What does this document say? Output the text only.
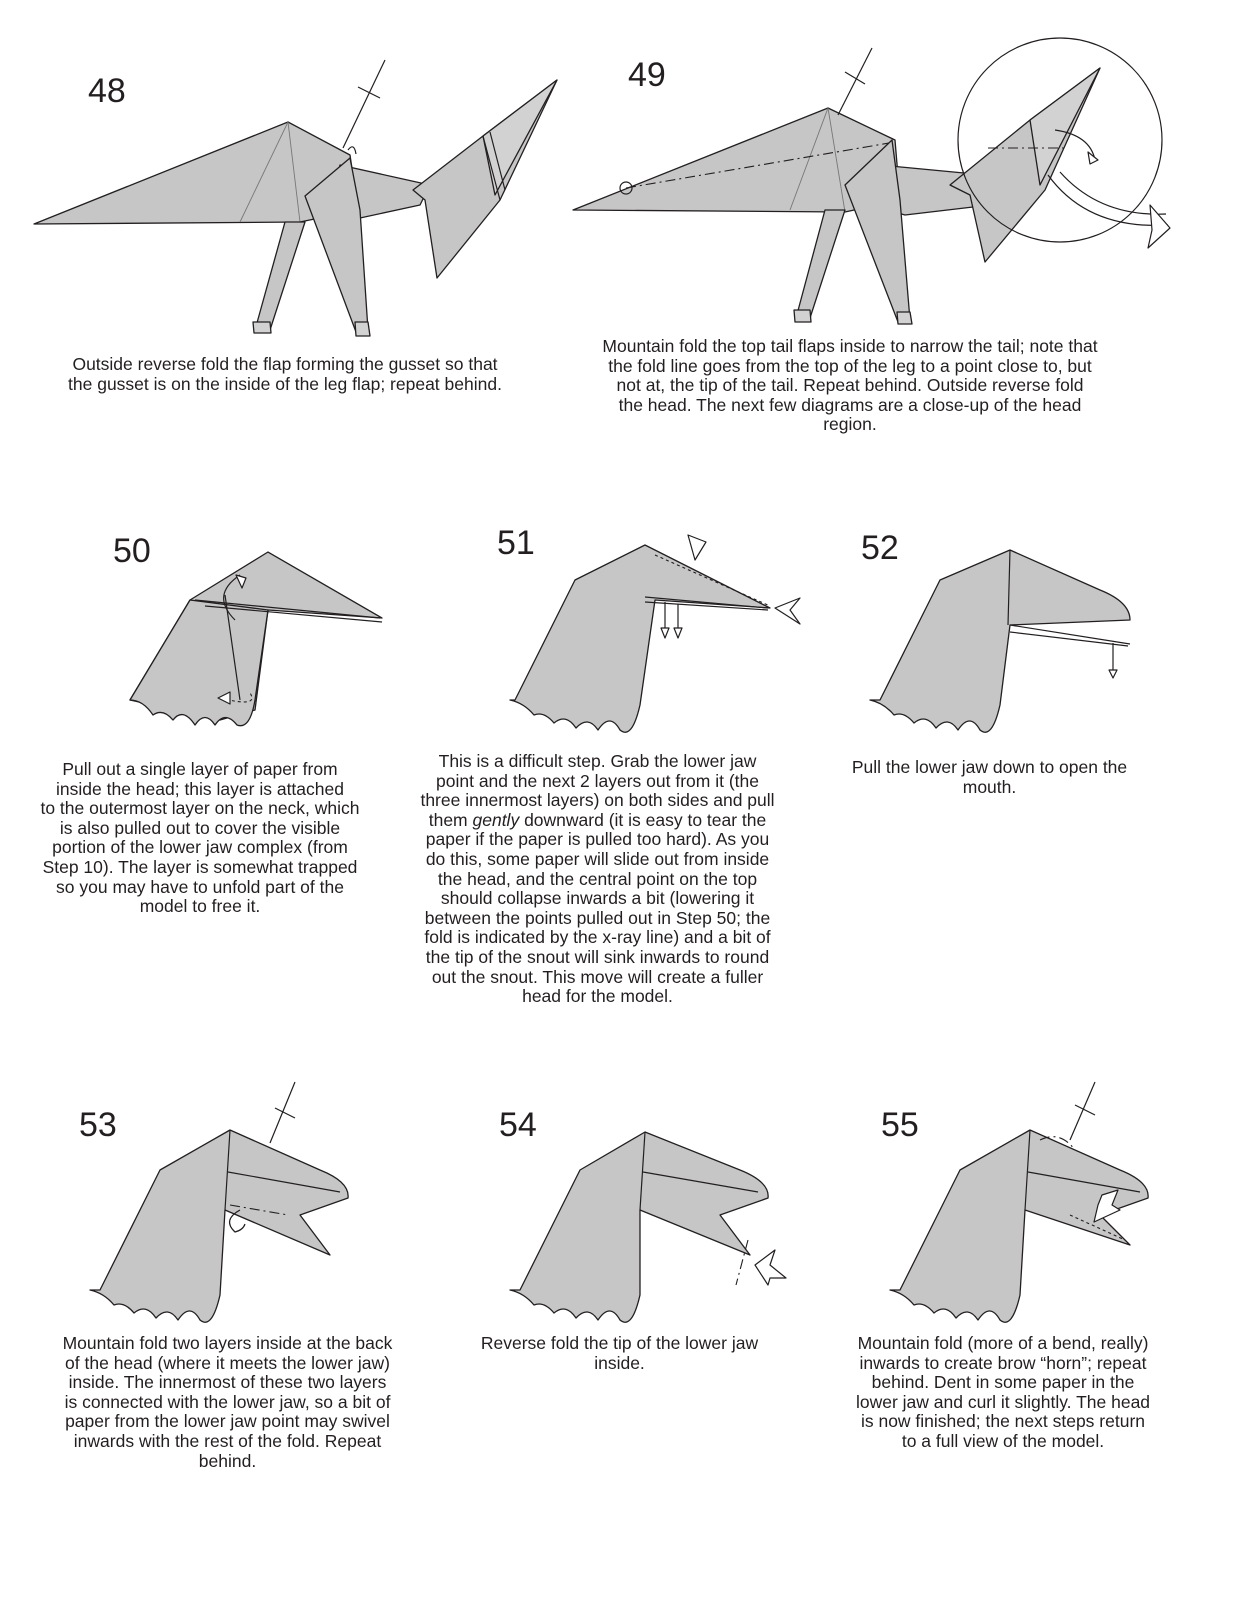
48	49
50	51	52
53	54	55
Outside reverse fold the flap forming the gusset so that
the gusset is on the inside of the leg flap; repeat behind.
Mountain fold the top tail flaps inside to narrow the tail; note that
the fold line goes from the top of the leg to a point close to, but
not at, the tip of the tail. Repeat behind. Outside reverse fold
the head. The next few diagrams are a close-up of the head
region.
Pull out a single layer of paper from
inside the head; this layer is attached
to the outermost layer on the neck, which
is also pulled out to cover the visible
portion of the lower jaw complex (from
Step 10). The layer is somewhat trapped
so you may have to unfold part of the
model to free it.
This is a difficult step. Grab the lower jaw
point and the next 2 layers out from it (the
three innermost layers) on both sides and pull
them gently downward (it is easy to tear the
paper if the paper is pulled too hard). As you
do this, some paper will slide out from inside
the head, and the central point on the top
should collapse inwards a bit (lowering it
between the points pulled out in Step 50; the
fold is indicated by the x-ray line) and a bit of
the tip of the snout will sink inwards to round
out the snout. This move will create a fuller
head for the model.
Pull the lower jaw down to open the
mouth.
Mountain fold two layers inside at the back
of the head (where it meets the lower jaw)
inside. The innermost of these two layers
is connected with the lower jaw, so a bit of
paper from the lower jaw point may swivel
inwards with the rest of the fold. Repeat
behind.
Reverse fold the tip of the lower jaw
inside.
Mountain fold (more of a bend, really)
inwards to create brow “horn”; repeat
behind. Dent in some paper in the
lower jaw and curl it slightly. The head
is now finished; the next steps return
to a full view of the model.
